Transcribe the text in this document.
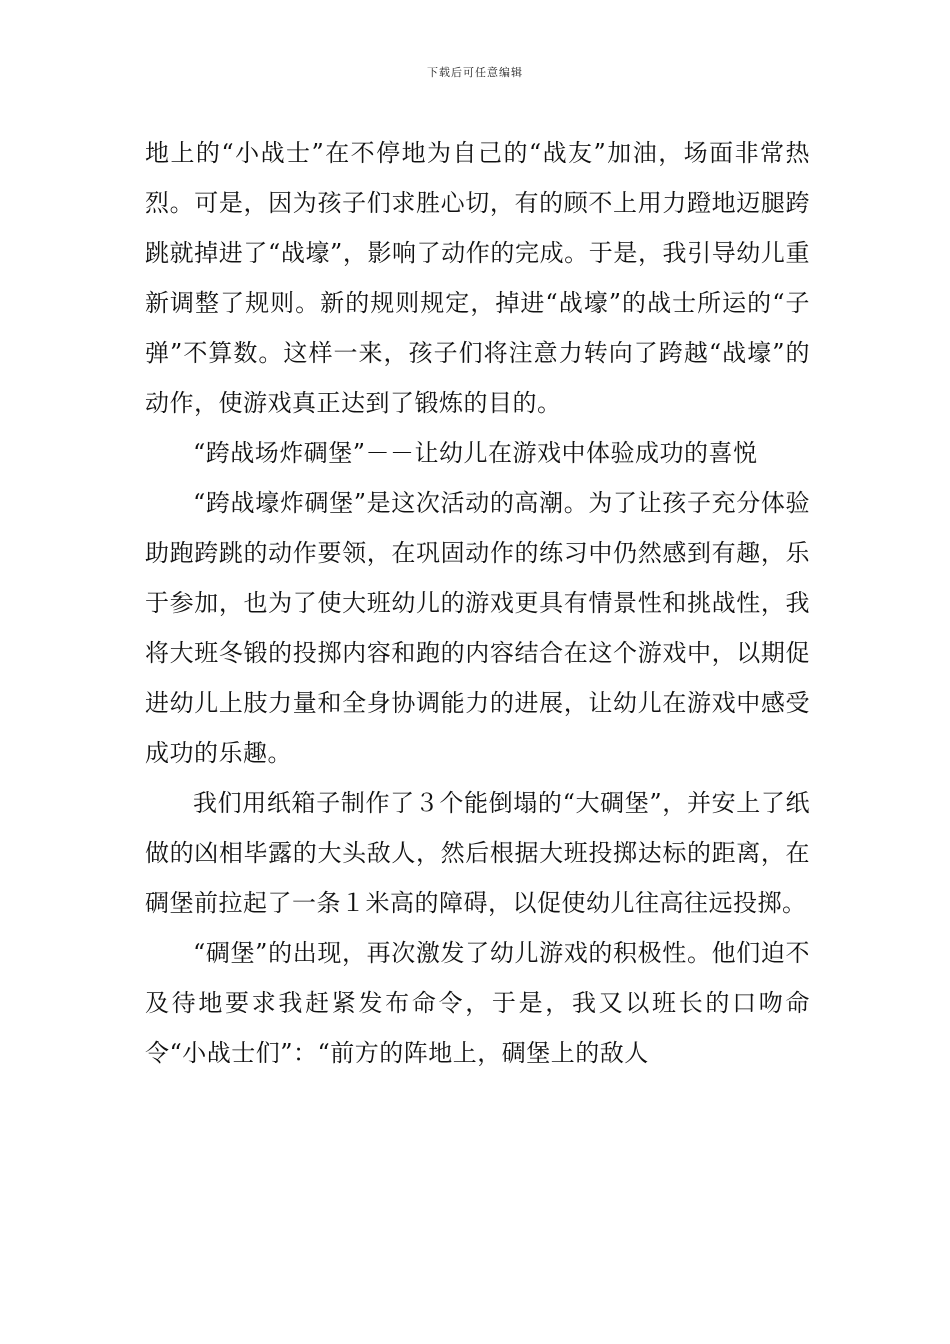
下载后可任意编辑

地上的“小战士”在不停地为自己的“战友”加油，场面非常热烈。可是，因为孩子们求胜心切，有的顾不上用力蹬地迈腿跨跳就掉进了“战壕”，影响了动作的完成。于是，我引导幼儿重新调整了规则。新的规则规定，掉进“战壕”的战士所运的“子弹”不算数。这样一来，孩子们将注意力转向了跨越“战壕”的动作，使游戏真正达到了锻炼的目的。

“跨战场炸碉堡”－－让幼儿在游戏中体验成功的喜悦

“跨战壕炸碉堡”是这次活动的高潮。为了让孩子充分体验助跑跨跳的动作要领，在巩固动作的练习中仍然感到有趣，乐于参加，也为了使大班幼儿的游戏更具有情景性和挑战性，我将大班冬锻的投掷内容和跑的内容结合在这个游戏中，以期促进幼儿上肢力量和全身协调能力的进展，让幼儿在游戏中感受成功的乐趣。

我们用纸箱子制作了３个能倒塌的“大碉堡”，并安上了纸做的凶相毕露的大头敌人，然后根据大班投掷达标的距离，在碉堡前拉起了一条１米高的障碍，以促使幼儿往高往远投掷。

“碉堡”的出现，再次激发了幼儿游戏的积极性。他们迫不及待地要求我赶紧发布命令，于是，我又以班长的口吻命令“小战士们”：“前方的阵地上，碉堡上的敌人
